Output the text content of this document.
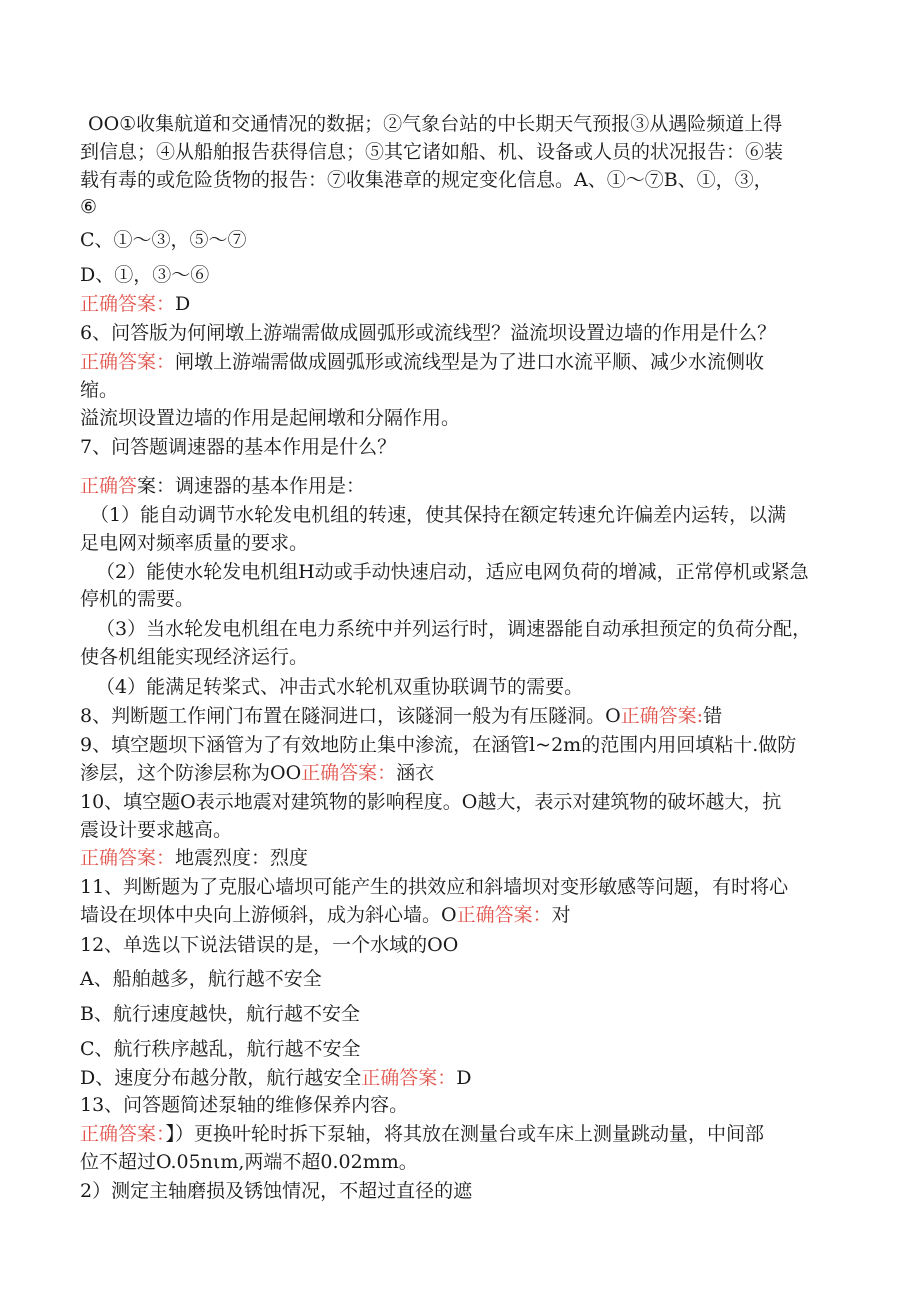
OO①收集航道和交通情况的数据；②气象台站的中长期天气预报③从遇险频道上得
到信息；④从船舶报告获得信息；⑤其它诸如船、机、设备或人员的状况报告：⑥装
载有毒的或危险货物的报告：⑦收集港章的规定变化信息。A、①～⑦B、①，③，
⑥
C、①～③，⑤～⑦
D、①，③～⑥
正确答案：D
6、问答版为何闸墩上游端需做成圆弧形或流线型？溢流坝设置边墙的作用是什么？
正确答案：闸墩上游端需做成圆弧形或流线型是为了进口水流平顺、减少水流侧收
缩。
溢流坝设置边墙的作用是起闸墩和分隔作用。
7、问答题调速器的基本作用是什么？
正确答案：调速器的基本作用是：
（1）能自动调节水轮发电机组的转速，使其保持在额定转速允许偏差内运转，以满
足电网对频率质量的要求。
（2）能使水轮发电机组H动或手动快速启动，适应电网负荷的增减，正常停机或紧急
停机的需要。
（3）当水轮发电机组在电力系统中并列运行时，调速器能自动承担预定的负荷分配，
使各机组能实现经济运行。
（4）能满足转桨式、冲击式水轮机双重协联调节的需要。
8、判断题工作闸门布置在隧洞进口，该隧洞一般为有压隧洞。O正确答案:错
9、填空题坝下涵管为了有效地防止集中渗流，在涵管l~2m的范围内用回填粘十.做防
渗层，这个防渗层称为OO正确答案：涵衣
10、填空题O表示地震对建筑物的影响程度。O越大，表示对建筑物的破坏越大，抗
震设计要求越高。
正确答案：地震烈度：烈度
11、判断题为了克服心墙坝可能产生的拱效应和斜墙坝对变形敏感等问题，有时将心
墙设在坝体中央向上游倾斜，成为斜心墙。O正确答案：对
12、单选以下说法错误的是，一个水域的OO
A、船舶越多，航行越不安全
B、航行速度越快，航行越不安全
C、航行秩序越乱，航行越不安全
D、速度分布越分散，航行越安全正确答案：D
13、问答题简述泵轴的维修保养内容。
正确答案：】）更换叶轮时拆下泵轴，将其放在测量台或车床上测量跳动量，中间部
位不超过O.05nιm,两端不超0.02mm。
2）测定主轴磨损及锈蚀情况，不超过直径的遮
